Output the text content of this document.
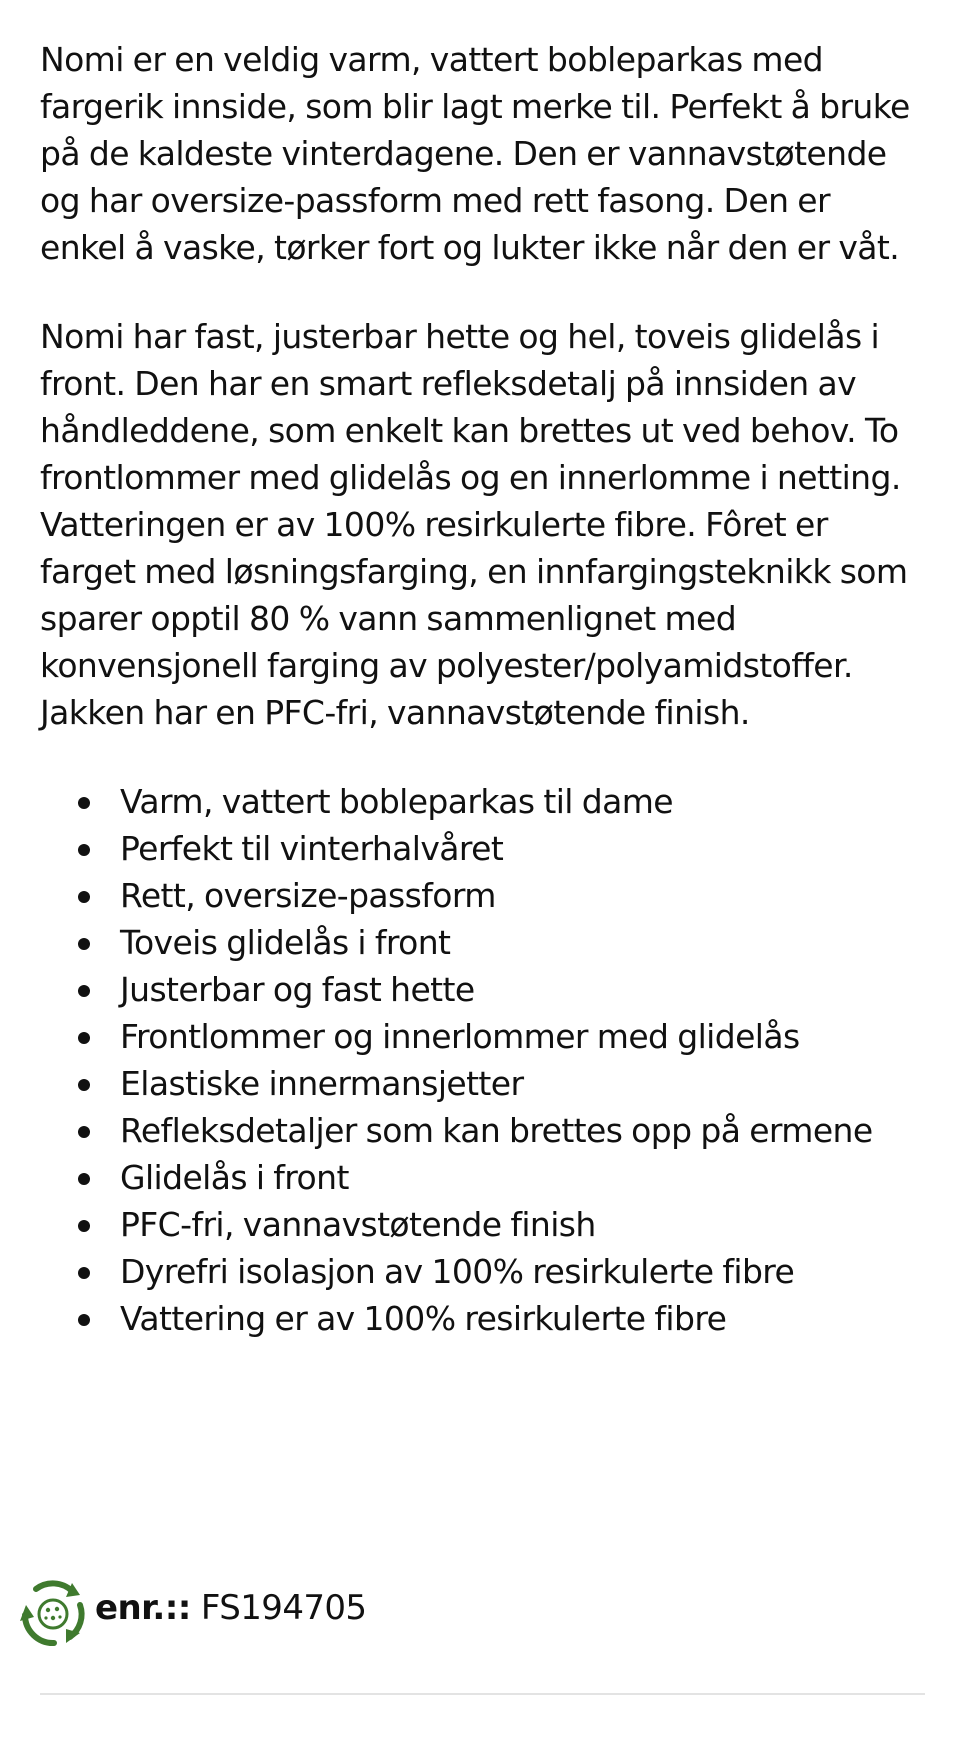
Nomi er en veldig varm, vattert bobleparkas med fargerik innside, som blir lagt merke til. Perfekt å bruke på de kaldeste vinterdagene. Den er vannavstøtende og har oversize-passform med rett fasong. Den er enkel å vaske, tørker fort og lukter ikke når den er våt.

Nomi har fast, justerbar hette og hel, toveis glidelås i front. Den har en smart refleksdetalj på innsiden av håndleddene, som enkelt kan brettes ut ved behov. To frontlommer med glidelås og en innerlomme i netting. Vatteringen er av 100% resirkulerte fibre. Fôret er farget med løsningsfarging, en innfargingsteknikk som sparer opptil 80 % vann sammenlignet med konvensjonell farging av polyester/polyamidstoffer. Jakken har en PFC-fri, vannavstøtende finish.

Varm, vattert bobleparkas til dame
Perfekt til vinterhalvåret
Rett, oversize-passform
Toveis glidelås i front
Justerbar og fast hette
Frontlommer og innerlommer med glidelås
Elastiske innermansjetter
Refleksdetaljer som kan brettes opp på ermene
Glidelås i front
PFC-fri, vannavstøtende finish
Dyrefri isolasjon av 100% resirkulerte fibre
Vattering er av 100% resirkulerte fibre
enr.:: FS194705
